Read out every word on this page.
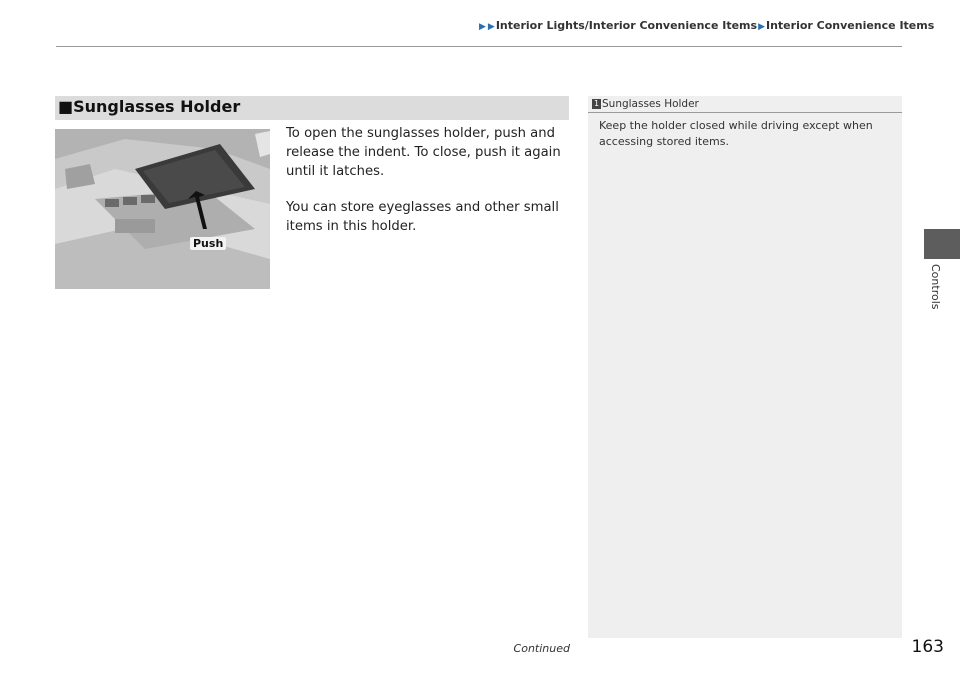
▶ ▶Interior Lights/Interior Convenience Items▶Interior Convenience Items
■Sunglasses Holder
Push

To open the sunglasses holder, push and release the indent. To close, push it again until it latches.

You can store eyeglasses and other small items in this holder.

1 Sunglasses Holder
Keep the holder closed while driving except when accessing stored items.
Controls
Continued	163
